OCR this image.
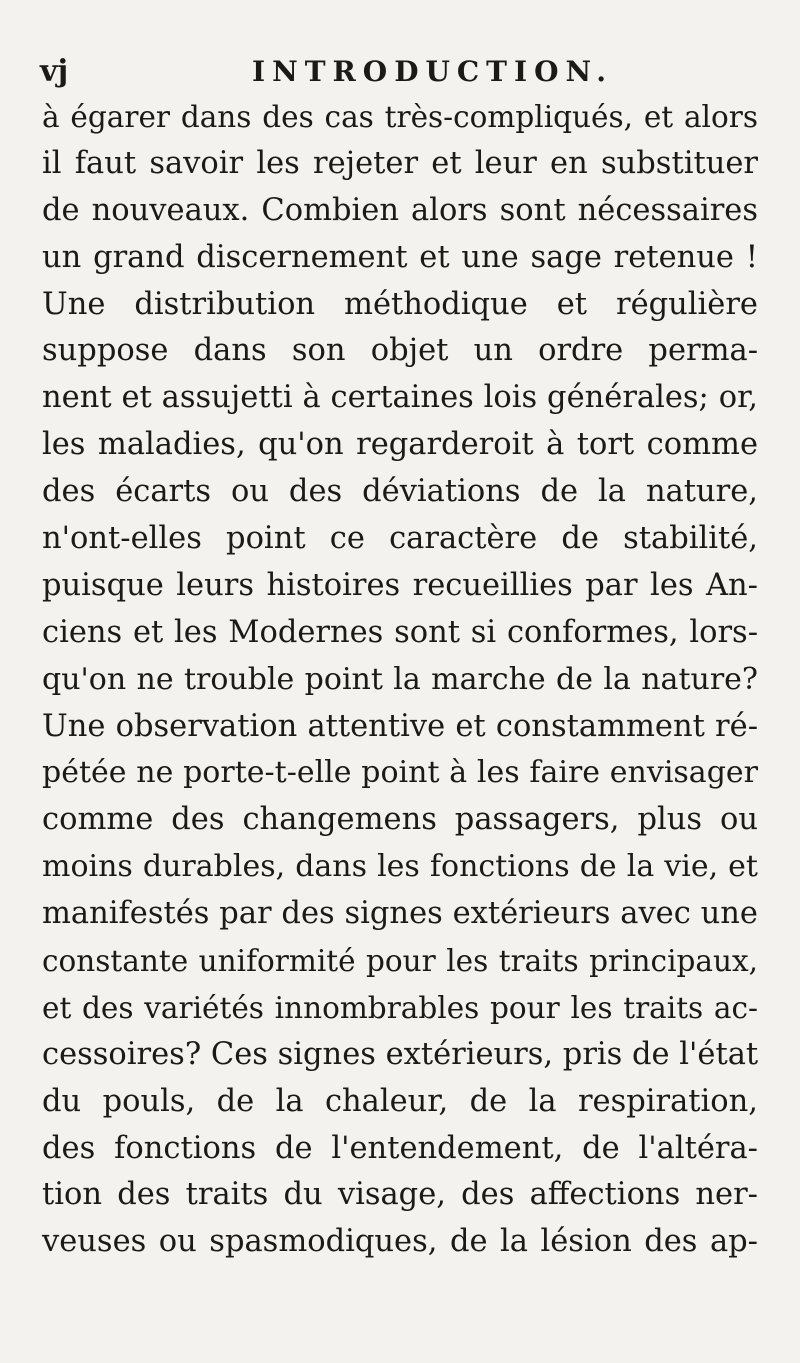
vj	INTRODUCTION.
à égarer dans des cas très-compliqués, et alors
il faut savoir les rejeter et leur en substituer
de nouveaux. Combien alors sont nécessaires
un grand discernement et une sage retenue !
Une distribution méthodique et régulière
suppose dans son objet un ordre perma-
nent et assujetti à certaines lois générales; or,
les maladies, qu'on regarderoit à tort comme
des écarts ou des déviations de la nature,
n'ont-elles point ce caractère de stabilité,
puisque leurs histoires recueillies par les An-
ciens et les Modernes sont si conformes, lors-
qu'on ne trouble point la marche de la nature?
Une observation attentive et constamment ré-
pétée ne porte-t-elle point à les faire envisager
comme des changemens passagers, plus ou
moins durables, dans les fonctions de la vie, et
manifestés par des signes extérieurs avec une
constante uniformité pour les traits principaux,
et des variétés innombrables pour les traits ac-
cessoires? Ces signes extérieurs, pris de l'état
du pouls, de la chaleur, de la respiration,
des fonctions de l'entendement, de l'altéra-
tion des traits du visage, des affections ner-
veuses ou spasmodiques, de la lésion des ap-
